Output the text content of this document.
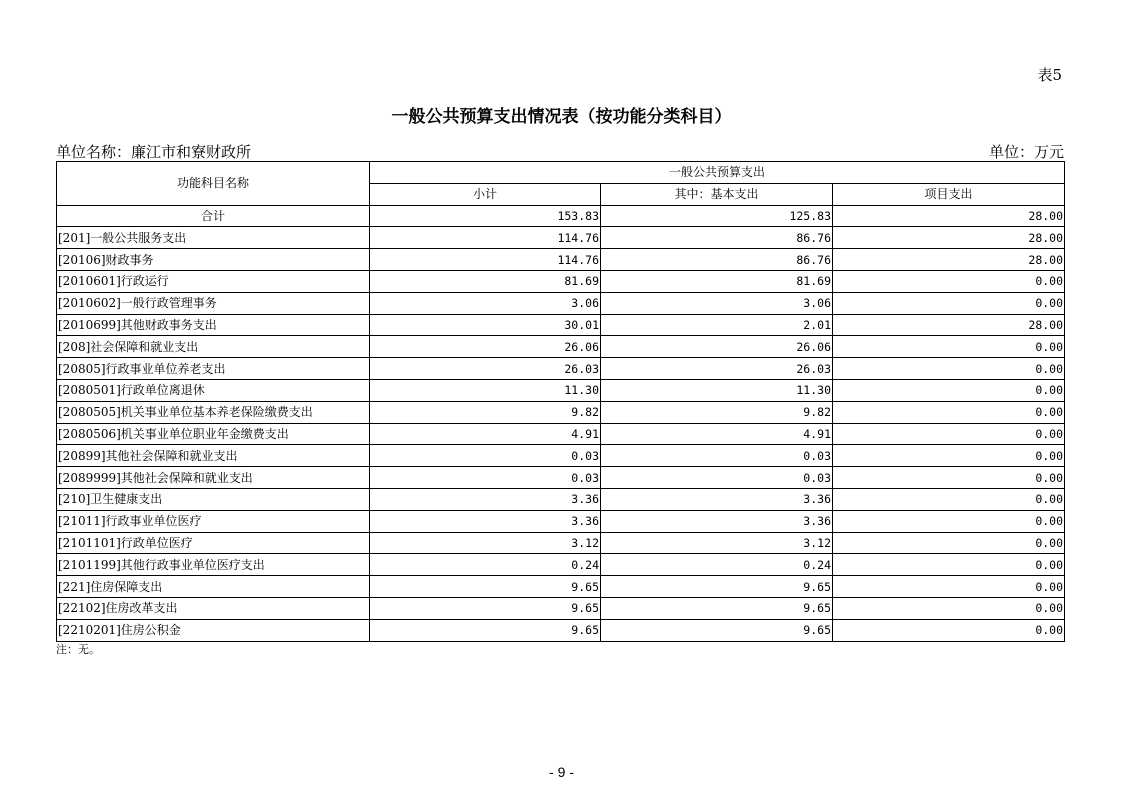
表5
一般公共预算支出情况表（按功能分类科目）
单位名称：廉江市和寮财政所	单位：万元
功能科目名称	一般公共预算支出		
	小计	其中：基本支出	项目支出
合计	153.83	125.83	28.00
[201]一般公共服务支出	114.76	86.76	28.00
[20106]财政事务	114.76	86.76	28.00
[2010601]行政运行	81.69	81.69	0.00
[2010602]一般行政管理事务	3.06	3.06	0.00
[2010699]其他财政事务支出	30.01	2.01	28.00
[208]社会保障和就业支出	26.06	26.06	0.00
[20805]行政事业单位养老支出	26.03	26.03	0.00
[2080501]行政单位离退休	11.30	11.30	0.00
[2080505]机关事业单位基本养老保险缴费支出	9.82	9.82	0.00
[2080506]机关事业单位职业年金缴费支出	4.91	4.91	0.00
[20899]其他社会保障和就业支出	0.03	0.03	0.00
[2089999]其他社会保障和就业支出	0.03	0.03	0.00
[210]卫生健康支出	3.36	3.36	0.00
[21011]行政事业单位医疗	3.36	3.36	0.00
[2101101]行政单位医疗	3.12	3.12	0.00
[2101199]其他行政事业单位医疗支出	0.24	0.24	0.00
[221]住房保障支出	9.65	9.65	0.00
[22102]住房改革支出	9.65	9.65	0.00
[2210201]住房公积金	9.65	9.65	0.00
注：无。
- 9 -
